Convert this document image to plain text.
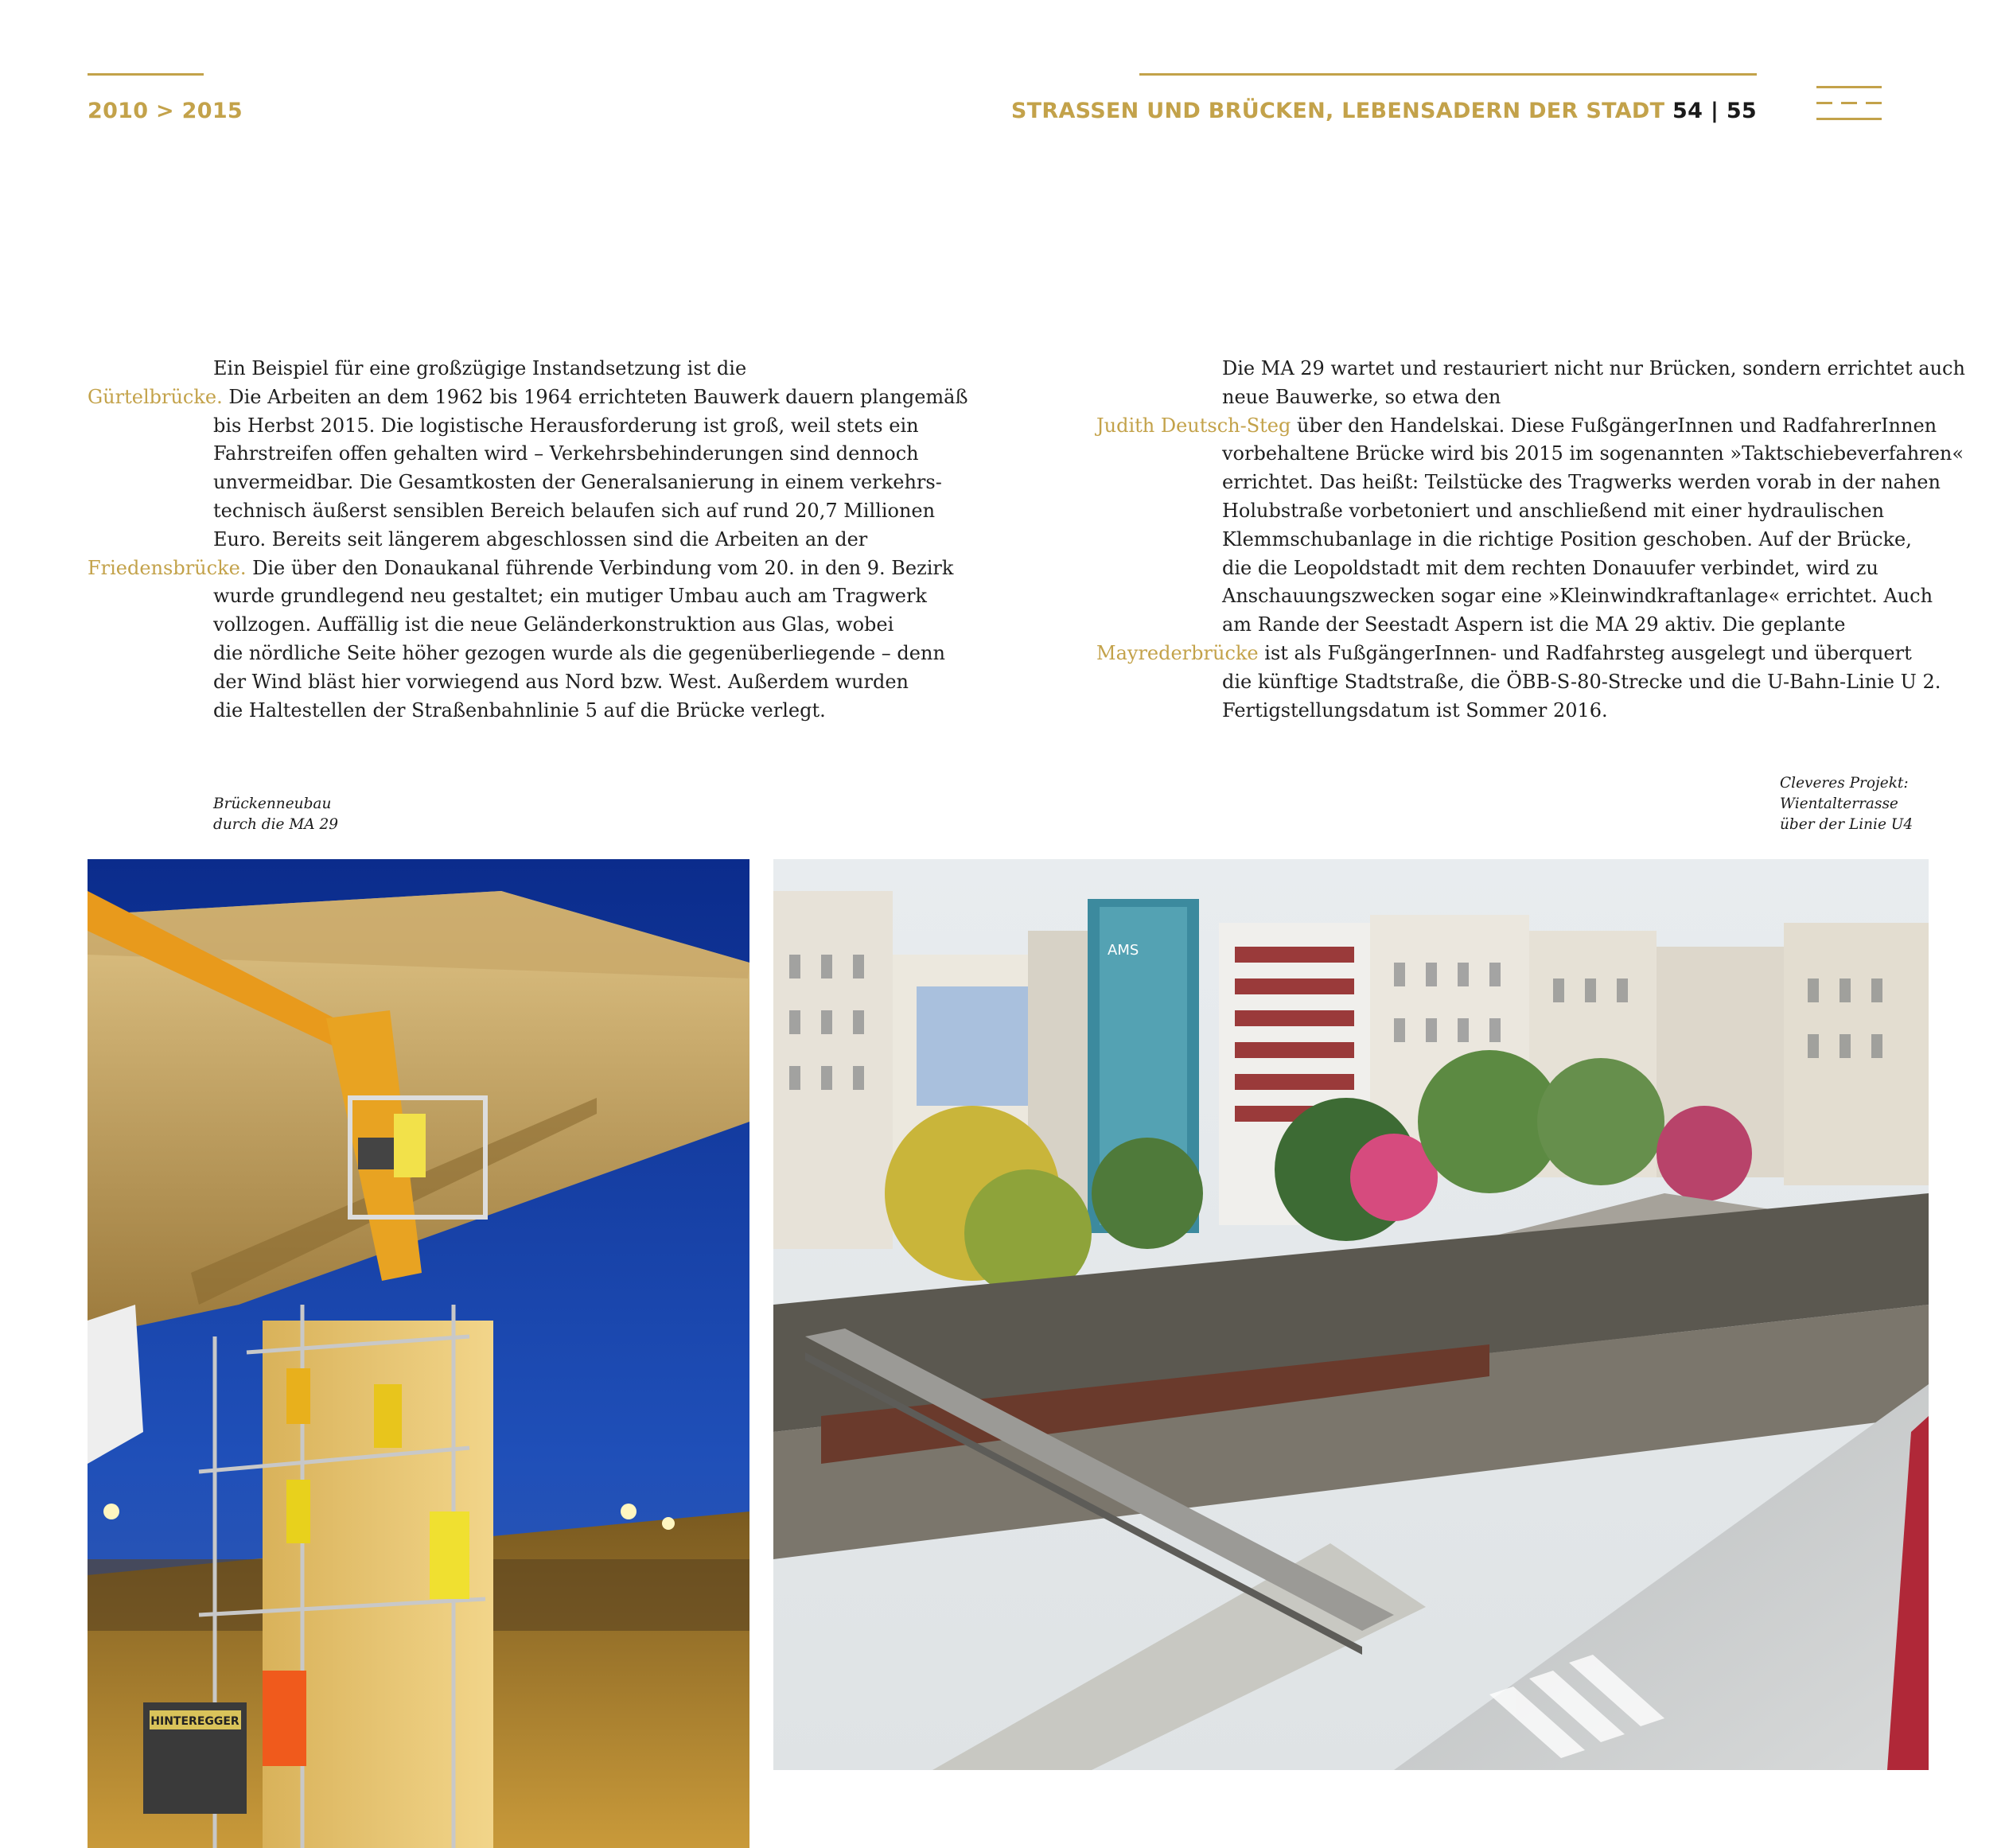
2010 > 2015	STRASSEN UND BRÜCKEN, LEBENSADERN DER STADT 54 | 55
Ein Beispiel für eine großzügige Instandsetzung ist die
Gürtelbrücke. Die Arbeiten an dem 1962 bis 1964 errichteten Bauwerk dauern plangemäß
bis Herbst 2015. Die logistische Herausforderung ist groß, weil stets ein
Fahrstreifen offen gehalten wird – Verkehrsbehinderungen sind dennoch
unvermeidbar. Die Gesamtkosten der Generalsanierung in einem verkehrs-
technisch äußerst sensiblen Bereich belaufen sich auf rund 20,7 Millionen
Euro. Bereits seit längerem abgeschlossen sind die Arbeiten an der
Friedensbrücke. Die über den Donaukanal führende Verbindung vom 20. in den 9. Bezirk
wurde grundlegend neu gestaltet; ein mutiger Umbau auch am Tragwerk
vollzogen. Auffällig ist die neue Geländerkonstruktion aus Glas, wobei
die nördliche Seite höher gezogen wurde als die gegenüberliegende – denn
der Wind bläst hier vorwiegend aus Nord bzw. West. Außerdem wurden
die Haltestellen der Straßenbahnlinie 5 auf die Brücke verlegt.
Die MA 29 wartet und restauriert nicht nur Brücken, sondern errichtet auch
neue Bauwerke, so etwa den
Judith Deutsch-Steg über den Handelskai. Diese FußgängerInnen und RadfahrerInnen
vorbehaltene Brücke wird bis 2015 im sogenannten »Taktschiebeverfahren«
errichtet. Das heißt: Teilstücke des Tragwerks werden vorab in der nahen
Holubstraße vorbetoniert und anschließend mit einer hydraulischen
Klemmschubanlage in die richtige Position geschoben. Auf der Brücke,
die die Leopoldstadt mit dem rechten Donauufer verbindet, wird zu
Anschauungszwecken sogar eine »Kleinwindkraftanlage« errichtet. Auch
am Rande der Seestadt Aspern ist die MA 29 aktiv. Die geplante
Mayrederbrücke ist als FußgängerInnen- und Radfahrsteg ausgelegt und überquert
die künftige Stadtstraße, die ÖBB-S-80-Strecke und die U-Bahn-Linie U 2.
Fertigstellungsdatum ist Sommer 2016.
Brückenneubau
durch die MA 29
Cleveres Projekt:
Wientalterrasse
über der Linie U4
HINTEREGGER
AMS
